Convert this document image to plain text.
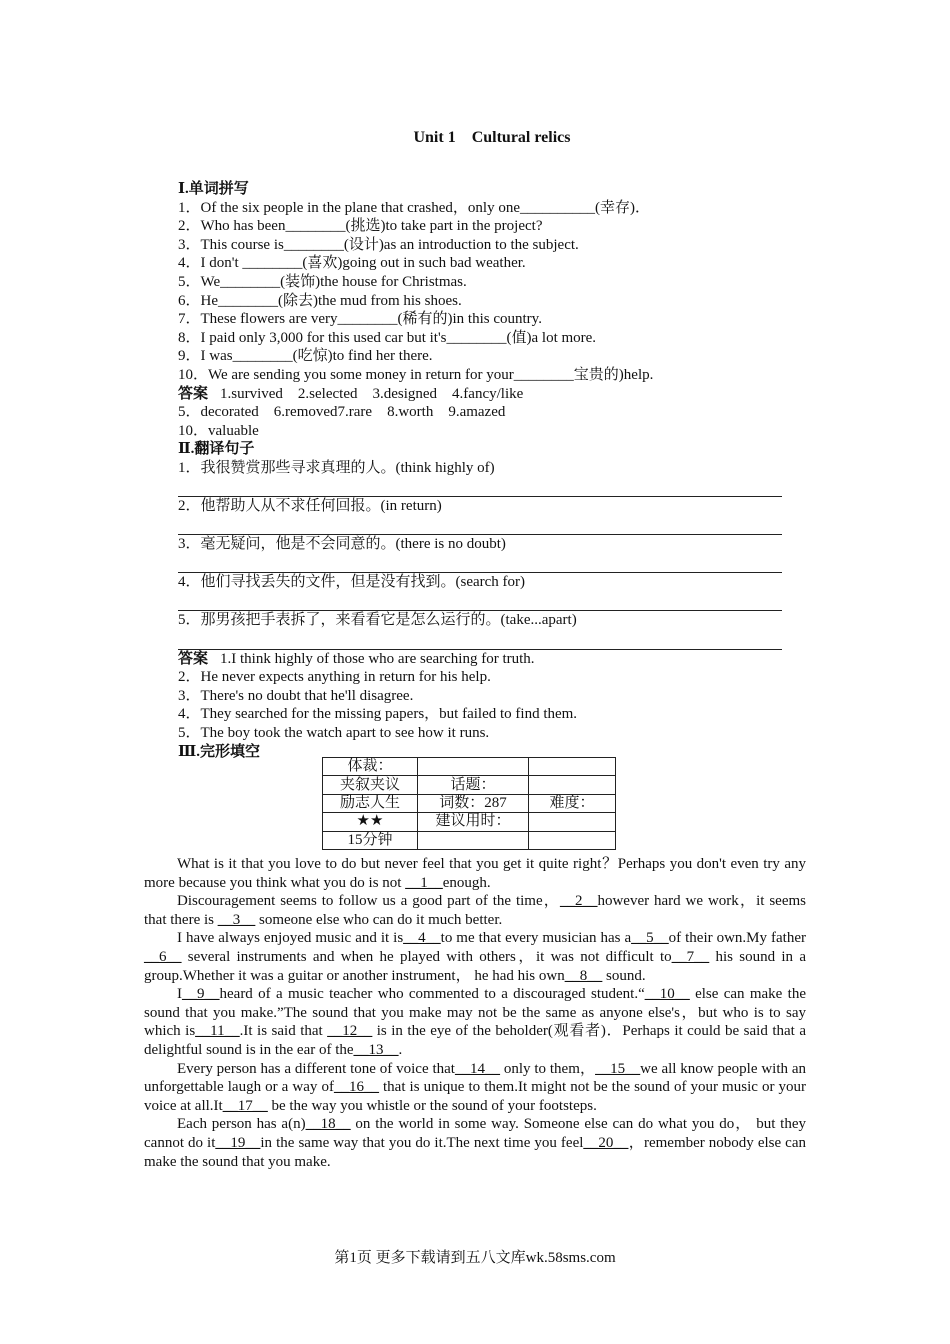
Unit 1　Cultural relics

Ⅰ.单词拼写

1．Of the six people in the plane that crashed，only one__________(幸存)．

2．Who has been________(挑选)to take part in the project?

3．This course is________(设计)as an introduction to the subject.

4．I don't ________(喜欢)going out in such bad weather.

5．We________(装饰)the house for Christmas.

6．He________(除去)the mud from his shoes.

7．These flowers are very________(稀有的)in this country.

8．I paid only 3,000 for this used car but it's________(值)a lot more.

9．I was________(吃惊)to find her there.

10．We are sending you some money in return for your________宝贵的)help.

答案 1.survived    2.selected    3.designed    4.fancy/like

5．decorated    6.removed7.rare    8.worth    9.amazed

10．valuable

Ⅱ.翻译句子

1．我很赞赏那些寻求真理的人。(think highly of)

2．他帮助人从不求任何回报。(in return)

3．毫无疑问，他是不会同意的。(there is no doubt)

4．他们寻找丢失的文件，但是没有找到。(search for)

5．那男孩把手表拆了，来看看它是怎么运行的。(take...apart)

答案 1.I think highly of those who are searching for truth.

2．He never expects anything in return for his help.

3．There's no doubt that he'll disagree.

4．They searched for the missing papers，but failed to find them.

5．The boy took the watch apart to see how it runs.

Ⅲ.完形填空

体裁：		
夹叙夹议	话题：	
励志人生	词数：287	难度：
★★	建议用时：	
15分钟		

What is it that you love to do but never feel that you get it quite right？Perhaps you don't even try any more because you think what you do is not __1__enough.

Discouragement seems to follow us a good part of the time，__2__however hard we work，it seems that there is __3__ someone else who can do it much better.

I have always enjoyed music and it is__4__to me that every musician has a__5__of their own.My father __6__ several instruments and when he played with others，it was not difficult to__7__ his sound in a group.Whether it was a guitar or another instrument， he had his own__8__ sound.

I__9__heard of a music teacher who commented to a discouraged student.“__10__ else can make the sound that you make.”The sound that you make may not be the same as anyone else's，but who is to say which is__11__.It is said that __12__ is in the eye of the beholder(观看者)．Perhaps it could be said that a delightful sound is in the ear of the__13__.

Every person has a different tone of voice that__14__ only to them，__15__we all know people with an unforgettable laugh or a way of__16__ that is unique to them.It might not be the sound of your music or your voice at all.It__17__ be the way you whistle or the sound of your footsteps.

Each person has a(n)__18__ on the world in some way. Someone else can do what you do， but they cannot do it__19__in the same way that you do it.The next time you feel__20__，remember nobody else can make the sound that you make.

第1页 更多下载请到五八文库wk.58sms.com
